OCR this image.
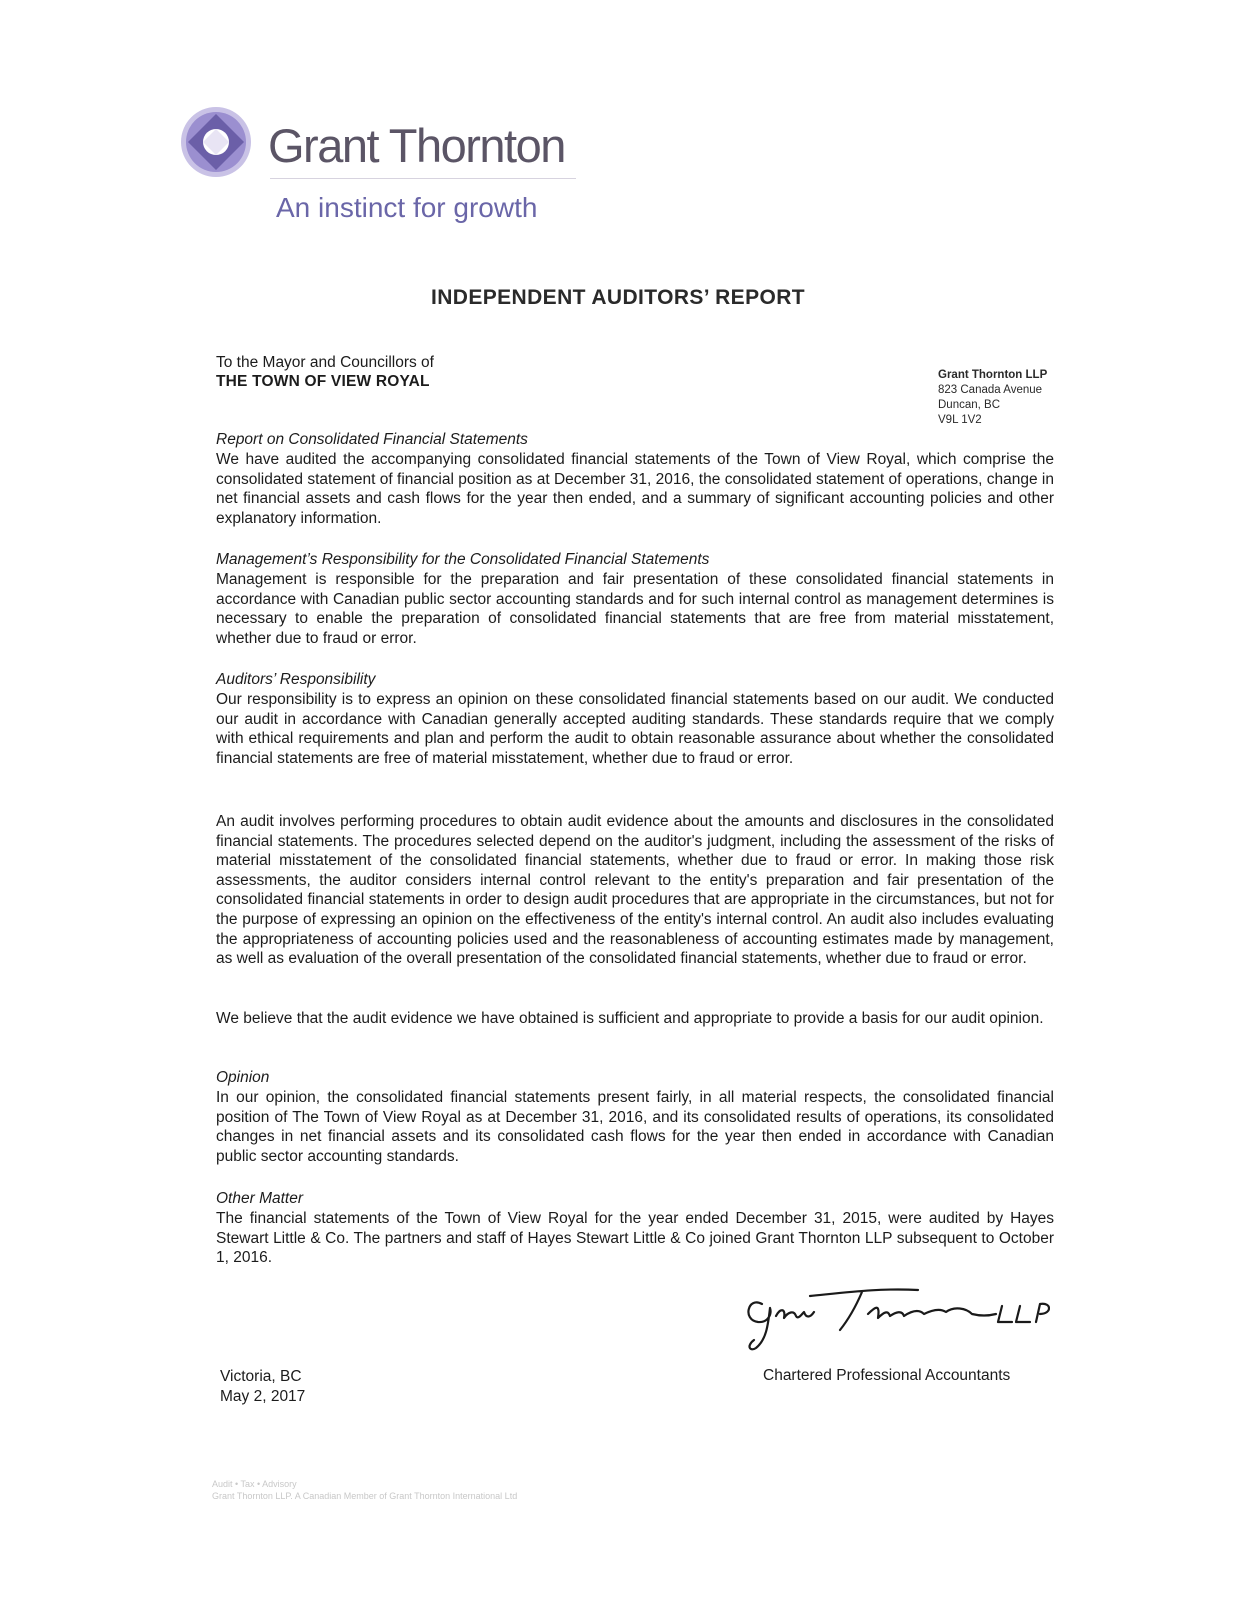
Grant Thornton
An instinct for growth
INDEPENDENT AUDITORS’ REPORT
To the Mayor and Councillors of
THE TOWN OF VIEW ROYAL	Grant Thornton LLP
823 Canada Avenue
Duncan, BC
V9L 1V2
Report on Consolidated Financial Statements

We have audited the accompanying consolidated financial statements of the Town of View Royal, which comprise the consolidated statement of financial position as at December 31, 2016, the consolidated statement of operations, change in net financial assets and cash flows for the year then ended, and a summary of significant accounting policies and other explanatory information.

Management’s Responsibility for the Consolidated Financial Statements

Management is responsible for the preparation and fair presentation of these consolidated financial statements in accordance with Canadian public sector accounting standards and for such internal control as management determines is necessary to enable the preparation of consolidated financial statements that are free from material misstatement, whether due to fraud or error.

Auditors’ Responsibility

Our responsibility is to express an opinion on these consolidated financial statements based on our audit. We conducted our audit in accordance with Canadian generally accepted auditing standards. These standards require that we comply with ethical requirements and plan and perform the audit to obtain reasonable assurance about whether the consolidated financial statements are free of material misstatement, whether due to fraud or error.

An audit involves performing procedures to obtain audit evidence about the amounts and disclosures in the consolidated financial statements. The procedures selected depend on the auditor's judgment, including the assessment of the risks of material misstatement of the consolidated financial statements, whether due to fraud or error. In making those risk assessments, the auditor considers internal control relevant to the entity's preparation and fair presentation of the consolidated financial statements in order to design audit procedures that are appropriate in the circumstances, but not for the purpose of expressing an opinion on the effectiveness of the entity's internal control. An audit also includes evaluating the appropriateness of accounting policies used and the reasonableness of accounting estimates made by management, as well as evaluation of the overall presentation of the consolidated financial statements, whether due to fraud or error.

We believe that the audit evidence we have obtained is sufficient and appropriate to provide a basis for our audit opinion.

Opinion

In our opinion, the consolidated financial statements present fairly, in all material respects, the consolidated financial position of The Town of View Royal as at December 31, 2016, and its consolidated results of operations, its consolidated changes in net financial assets and its consolidated cash flows for the year then ended in accordance with Canadian public sector accounting standards.

Other Matter

The financial statements of the Town of View Royal for the year ended December 31, 2015, were audited by Hayes Stewart Little & Co. The partners and staff of Hayes Stewart Little & Co joined Grant Thornton LLP subsequent to October 1, 2016.

Chartered Professional Accountants
Victoria, BC
May 2, 2017
Audit • Tax • Advisory
Grant Thornton LLP. A Canadian Member of Grant Thornton International Ltd
